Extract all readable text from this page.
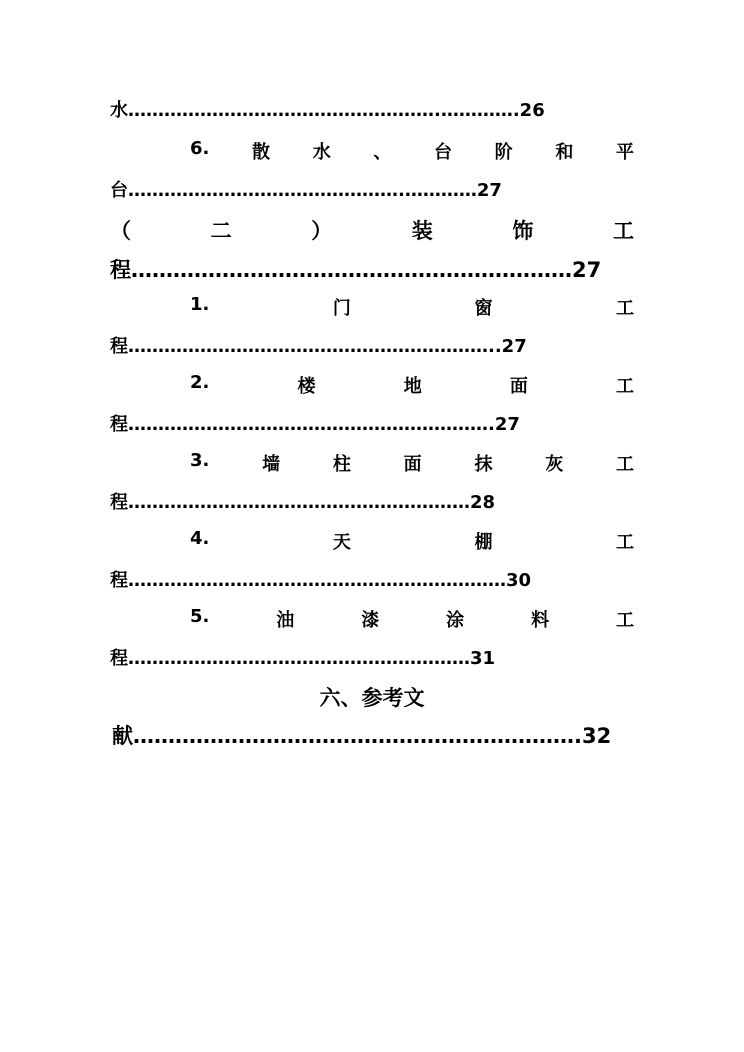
水…………………………………………….………….26
6. 散 水 、 台 阶 和 平
台……………………………………….…………27
（	二	）	装	饰	工
程………………………………………………………27
1.	门	窗	工
程……………………………………………………..27
2.	楼	地	面	工
程…………………………………………………….27
3.	墙	柱	面	抹	灰	工
程…………………………………………………28
4.	天	棚	工
程………………………………………………………30
5.	油	漆	涂	料	工
程…………………………………………………31
六、参考文
献……………………………………………………….32
